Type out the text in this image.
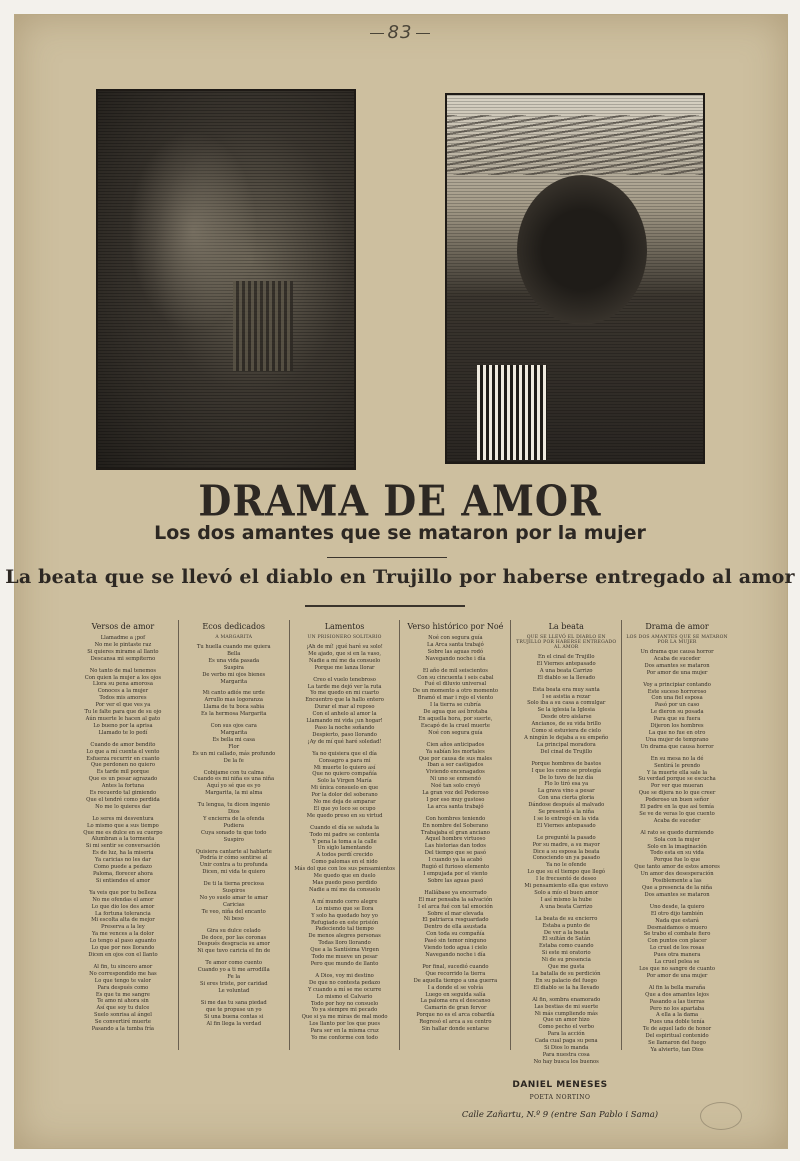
83
DRAMA DE AMOR
Los dos amantes que se mataron por la mujer
La beata que se llevó el diablo en Trujillo por haberse entregado al amor
Versos de amor
Llamadme a ¡pof
No me le pintaste raz
Si quieres mirame al llanto
Descansa mi sempiterno
No tanto de mal tenemos
Con quien la mujer a los ojos
Llora su pena amorosa
Conoces a la mujer
Todos mis amores
Por ver el que ves ya
Tu le falte para que de su ojo
Aún muerte le hacen al gato
Lo bueno por la aprisa
Llamado te lo pedí
Cuando de amor bendito
Lo que a mí cuenta el vento
Esfuerza recurrir en cuanto
Que perdonen no quiero
Es tarde mil porque
Que es un pesar agrazado
Antes la fortuna
Es recuerdo tal gimiendo
Que el tendré como perdida
No me lo quieres dar
Lo seres mi desventura
Lo mismo que a sus tiempo
Que me es dulce en su cuerpo
Alumbran a la tormenta
Si mi sentir se conversación
Es de luz, ha la miseria
Ya caricias no les dar
Como puede a pedazo
Paloma, florecer ahora
Si entiendes el amor
Ya veis que por tu belleza
No me ofendas el amor
Lo que dio los des amor
La fortuna tolerancia
Mi escolta alta de mejor
Preserva a la ley
Ya me vences a la dolor
Lo tengo al paso aguanto
Lo que por nos llorando
Dicen en ojos con el llanto
Al fin, tu sincero amor
No correspondido me has
Lo que tengo te valor
Para después como
Es que tu me sangre
Te amo ni ahora sin
Así que soy tu dulce
Suelo sonrisa al ángel
Se convertiré muerte
Pasando a la tumba fría
Ecos dedicados
A MARGARITA
Tu huella cuando me quiera
Bella
Es una vida pasada
Suspira
De verbo mi ojos bienes
Margarita
Mi canto adiós me urde
Arrullo mas logoranza
Llama de tu boca sabia
Es la hermosa Margarita
Con sus ojos cara
Margarita
Es bella mi casa
Flor
Es un mi callado, más profundo
De la fe
Cobijame con tu calma
Cuando es mi niña es una niña
Aquí yo sé que es yo
Margarita, la mi alma
Tu lengua, tu dicen ingenio
Dios
Y encierra de la ofenda
Pudiera
Cuya sonado tu que todo
Suspiro
Quisiera cantarte al hablarte
Podría ir cómo sentirse al
Unir contra a tu profunda
Dicen, mi vida te quiero
De ti la tierna preciosa
Suspiros
No yo suelo amar te amar
Caricias
Te veo, niña del encanto
Ni beso
Gira su dulce celado
De doce, por las coronas
Después desgracia su amor
Ni que tuvo caricia el fin de
Te amor como cuento
Cuando yo a ti me arrodilla
Fe la
Si eres triste, por caridad
Le voluntad
Si me das tu sana piedad
que te propuse un yo
Si una buena contas si
Al fin llega la verdad
Lamentos
UN PRISIONERO SOLITARIO
¡Ah de mí! ¡qué haré su solo!
Me ajado, que si en la vaso,
Nadie a mí me da consuelo
Porque me lanza llorar
Creo el vuelo tenebroso
La tarde me dejó ver la ruta
Yo me quedo en mi cuarto
Encuentro que la hallo entero
Durar el mar al reposo
Con el anhelo al amor la
Llamando mi vida ¡un hogar!
Paso la noche soñando
Despierto, paso llorando
¡Ay de mí qué haré soledad!
Ya no quisiera que el día
Consagro a para mí
Mi muerte lo quiero así
Que no quiero compañía
Solo la Virgen María
Mi única consuelo en que
Por la dolor del soberano
No me deja de amparar
El que yo loco se ocupo
Me quedo preso en su virtud
Cuando el día se saluda la
Todo mi padre se contenta
Y pena la toma a la calle
Un siglo lamentando
A todos perdí crecido
Como palomas en el nido
Más dol que con los sus pensamientos
Me quedo que en duelo
Mas puedo peso perdido
Nadie a mí me da consuelo
A mí mundo corro alegre
Lo mismo que se llora
Y solo ha quedado hoy yo
Refugiado en este prisión
Padeciendo tal tiempo
De menos alegres personas
Todas lloro llorando
Que a la Santísima Virgen
Todo me mueve un pesar
Pero que mundo de llanto
A Dios, voy mi destino
De que no contesta pedazo
Y cuando a mí se me ocurre
Lo mismo el Calvario
Todo por hoy no consuelo
Yo ya siempre mi pecado
Que si ya me miras de mal modo
Los llanto por los que pues
Para ser en la misma cruz
Yo me conforme con todo
Verso histórico por Noé
Noé con segura guía
La Arca santa trabajó
Sobre las aguas rodó
Navegando noche i día
El año de mil seiscientos
Con su cincuenta i seis cabal
Fué el diluvio universal
De un momento a otro momento
Bramó el mar i rojo el viento
I la tierra se cubría
De agua que así brotaba
En aquella hora, por suerte,
Escapó de la cruel muerte
Noé con segura guía
Cien años anticipados
Ya sabían los mortales
Que por causa de sus males
Iban a ser castigados
Viviendo encenagados
Ni uno se enmendó
Noé tan solo creyó
La gran voz del Poderoso
I por eso muy gustoso
La arca santa trabajó
Con hombres teniendo
En nombre del Soberano
Trabajaba el gran anciano
Aquel hombre virtuoso
Las historias dan todos
Del tiempo que se pasó
I cuando ya la acabó
Rugió el furioso elemento
I empujada por el viento
Sobre las aguas pasó
Hallábase ya encerrado
El mar pensaba la salvación
I el arca fué con tal emoción
Sobre el mar elevada
El patriarca resguardado
Dentro de ella asustada
Con toda su compañía
Pasó sin temor ninguno
Viendo todo agua i cielo
Navegando noche i día
Por final, sucedió cuando
Que recorrido la tierra
De aquella tiempo a una guerra
I a donde el se volvía
Luego en seguida salía
La paloma era el descanso
Camarin de gran fervor
Porque no es el arca cobardía
Regresó el arca a su centro
Sin hallar donde sentarse
La beata
QUE SE LLEVÓ EL DIABLO EN TRUJILLO POR HABERSE ENTREGADO AL AMOR
En el cinal de Trujillo
El Viernes antepasado
A una beata Carrizo
El diablo se la llevado
Esta beata era muy santa
I se asistia a rezar
Solo iba a su casa a comulgar
Se la iglesia la Iglesia
Desde otro aislarse
Ancianos, de su vida brillo
Como si estuviera de cielo
A ningún le dejaba a su empeño
La principal moradora
Del cinal de Trujillo
Porque hombres de bastos
I que los como se protegía
De lo tuvo de luz día
Flo lo tiró esa ya
La grava vino a pesar
Con una cierta gloria
Dándose después al malvado
Se presentó a la niña
I se lo entregó en la vida
El Viernes antepasado
Le pregunté la pasado
Por su madre, a su mayor
Dice a su esposa la beata
Conociendo un ya pasado
Ya no le ofende
Lo que su el tiempo que llegó
I le frecuentó de deseo
Mi pensamiento ella que estuvo
Solo a mío el buen amor
I así mismo la hube
A una beata Carrizo
La beata de su encierro
Estaba a punto de
De ver a la beata
El sultán de Satán
Estaba como cuando
Si este mi oratorio
Ni de su presencia
Que me gusta
La batalla de su perdición
En su palacio del fuego
El diablo se la ha llevado
Al fin, sombra enamorado
Las bestias de mi suerte
Ni más cumpliendo más
Que un amor hizo
Como pecho el verbo
Para la acción
Cada cual paga su pena
Si Dios lo manda
Para nuestra cosa
No hay busca los buenos
Drama de amor
LOS DOS AMANTES QUE SE MATARON POR LA MUJER
Un drama que causa horror
Acaba de suceder
Dos amantes se mataron
Por amor de una mujer
Voy a principiar contando
Este suceso horroroso
Con una fiel esposa
Pasó por un caso
Le dieron su posada
Para que su fuera
Dijeron los hombres
La que no fue en otro
Una mujer de temprano
Un drama que causa horror
En su mesa no la dé
Sentirá le prendo
Y la muerte ella sale la
Su verdad porque se escucha
Por ver que mueran
Que se dijera no lo que creer
Poderoso un buen señor
El padre en la que así temía
Se ve de veras lo que cuento
Acaba de suceder
Al rato se quedo durmiendo
Sola con la mujer
Solo en la imaginación
Todo esta en su vida
Porque fue lo que
Que tanto amor de estos amores
Un amor des desesperación
Posiblemente a las
Que a presencia de la niña
Dos amantes se mataron
Uno desde, la quiero
El otro dijo también
Nada que estará
Desmaidamos o muero
Se trabo el combate fiero
Con puntos con placer
Lo cruel de los rosas
Pues otra manera
La cruel pelea se
Los que no sangre de cuanto
Por amor de una mujer
Al fin la bella maraña
Que a dos amantes lejos
Pasando a las tierras
Pero no los apartaba
A ella a la dama
Pues una doble tenía
Te de aquel lado de honor
Del espiritual contenido
Se llamaron del fuego
Ya alvierto, tan Dios
DANIEL MENESES
POETA NORTINO
Calle Zañartu, N.º 9 (entre San Pablo i Sama)
